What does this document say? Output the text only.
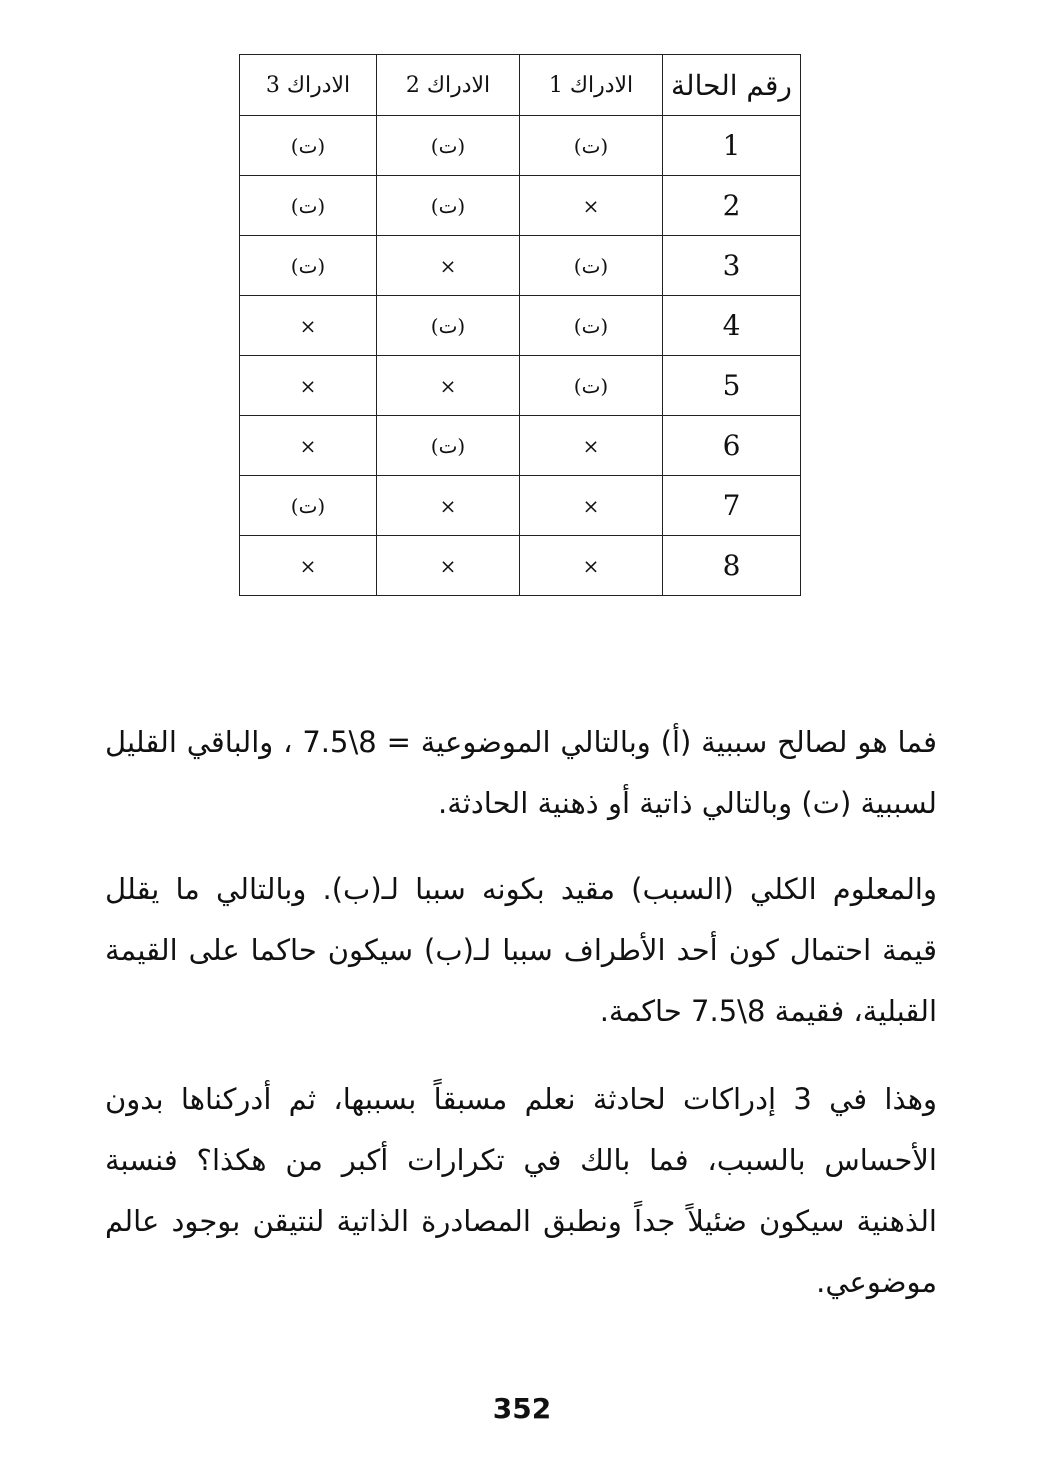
رقم الحالة	الادراك 1	الادراك 2	الادراك 3
1	(ت)	(ت)	(ت)
2	×	(ت)	(ت)
3	(ت)	×	(ت)
4	(ت)	(ت)	×
5	(ت)	×	×
6	×	(ت)	×
7	×	×	(ت)
8	×	×	×

فما هو لصالح سببية (أ) وبالتالي الموضوعية = 8\7.5 ، والباقي القليل لسببية (ت) وبالتالي ذاتية أو ذهنية الحادثة.

والمعلوم الكلي (السبب) مقيد بكونه سببا لـ(ب). وبالتالي ما يقلل قيمة احتمال كون أحد الأطراف سببا لـ(ب) سيكون حاكما على القيمة القبلية، فقيمة 8\7.5 حاكمة.

وهذا في 3 إدراكات لحادثة نعلم مسبقاً بسببها، ثم أدركناها بدون الأحساس بالسبب، فما بالك في تكرارات أكبر من هكذا؟ فنسبة الذهنية سيكون ضئيلاً جداً ونطبق المصادرة الذاتية لنتيقن بوجود عالم موضوعي.

352
